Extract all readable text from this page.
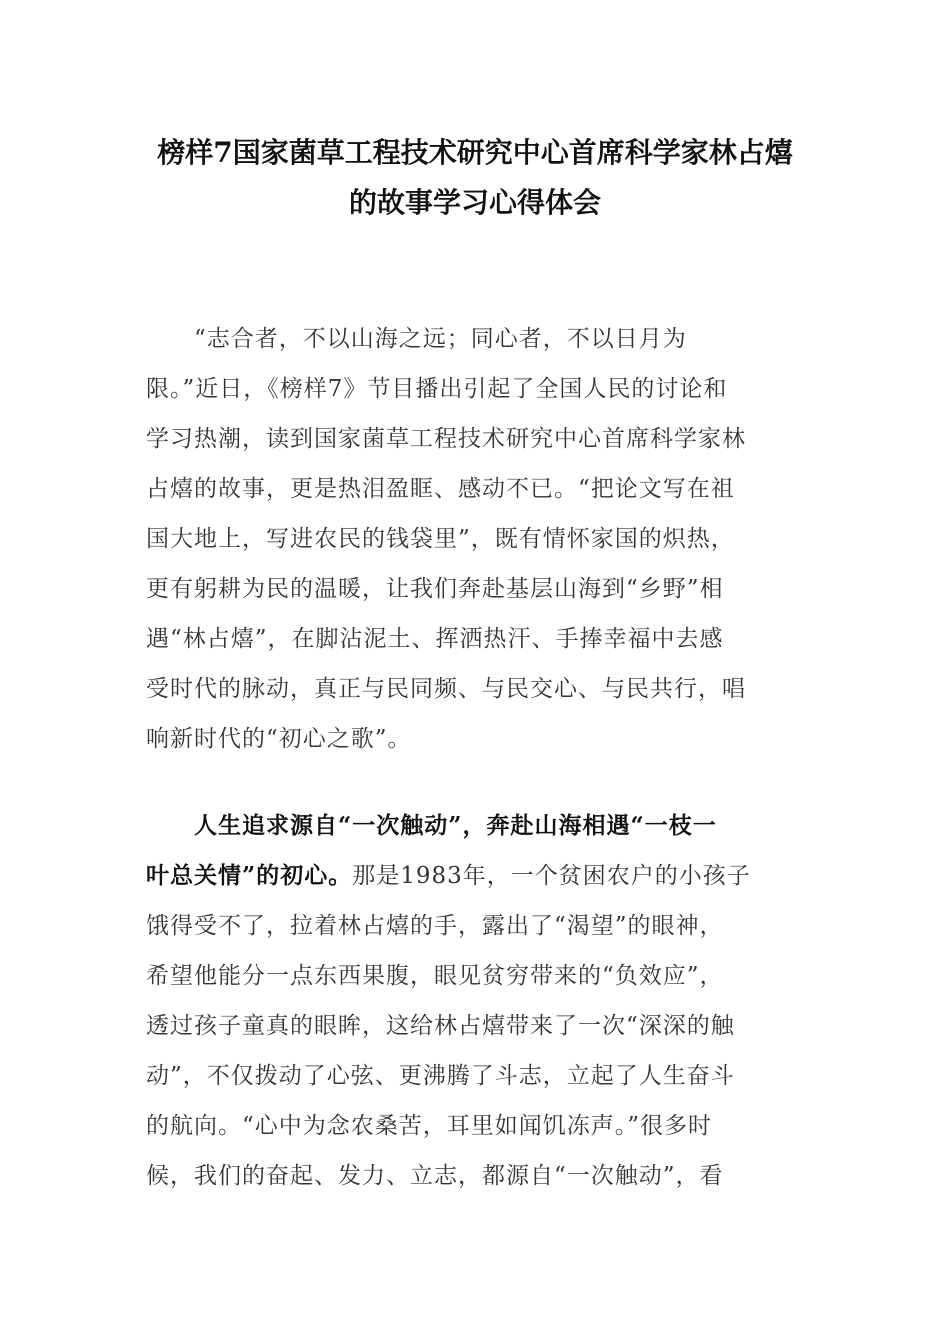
榜样7国家菌草工程技术研究中心首席科学家林占熺
的故事学习心得体会
“志合者，不以山海之远；同心者，不以日月为
限。”近日，《榜样7》节目播出引起了全国人民的讨论和
学习热潮，读到国家菌草工程技术研究中心首席科学家林
占熺的故事，更是热泪盈眶、感动不已。“把论文写在祖
国大地上，写进农民的钱袋里”，既有情怀家国的炽热，
更有躬耕为民的温暖，让我们奔赴基层山海到“乡野”相
遇“林占熺”，在脚沾泥土、挥洒热汗、手捧幸福中去感
受时代的脉动，真正与民同频、与民交心、与民共行，唱
响新时代的“初心之歌”。
人生追求源自“一次触动”，奔赴山海相遇“一枝一
叶总关情”的初心。那是1983年，一个贫困农户的小孩子
饿得受不了，拉着林占熺的手，露出了“渴望”的眼神，
希望他能分一点东西果腹，眼见贫穷带来的“负效应”，
透过孩子童真的眼眸，这给林占熺带来了一次“深深的触
动”，不仅拨动了心弦、更沸腾了斗志，立起了人生奋斗
的航向。“心中为念农桑苦，耳里如闻饥冻声。”很多时
候，我们的奋起、发力、立志，都源自“一次触动”，看
